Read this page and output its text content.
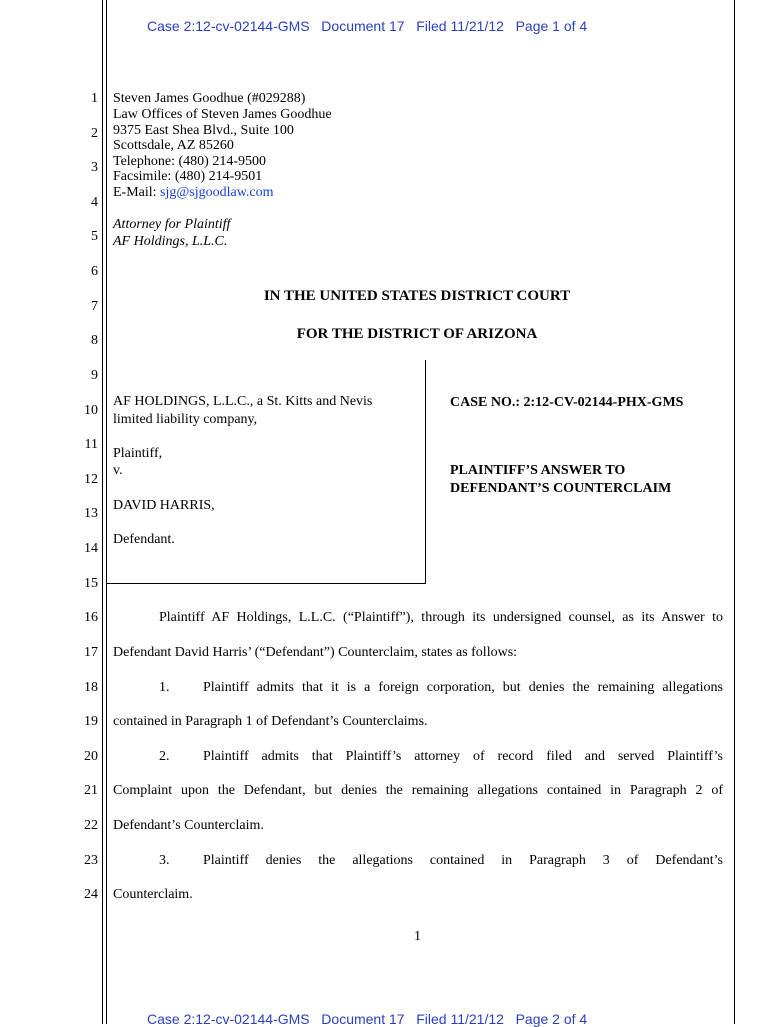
Case 2:12-cv-02144-GMS   Document 17   Filed 11/21/12   Page 1 of 4
Case 2:12-cv-02144-GMS   Document 17   Filed 11/21/12   Page 2 of 4
1
2
3
4
5
6
7
8
9
10
11
12
13
14
15
16
17
18
19
20
21
22
23
24
Steven James Goodhue (#029288)
Law Offices of Steven James Goodhue
9375 East Shea Blvd., Suite 100
Scottsdale, AZ 85260
Telephone: (480) 214-9500
Facsimile: (480) 214-9501
E-Mail: sjg@sjgoodlaw.com
Attorney for Plaintiff
AF Holdings, L.L.C.
IN THE UNITED STATES DISTRICT COURT
FOR THE DISTRICT OF ARIZONA
AF HOLDINGS, L.L.C., a St. Kitts and Nevis
limited liability company,
Plaintiff,
v.
DAVID HARRIS,
Defendant.
CASE NO.: 2:12-CV-02144-PHX-GMS
PLAINTIFF’S ANSWER TO
DEFENDANT’S COUNTERCLAIM
Plaintiff AF Holdings, L.L.C. (“Plaintiff”), through its undersigned counsel, as its Answer to
Defendant David Harris’ (“Defendant”) Counterclaim, states as follows:
1. Plaintiff admits that it is a foreign corporation, but denies the remaining allegations
contained in Paragraph 1 of Defendant’s Counterclaims.
2. Plaintiff admits that Plaintiff’s attorney of record filed and served Plaintiff’s
Complaint upon the Defendant, but denies the remaining allegations contained in Paragraph 2 of
Defendant’s Counterclaim.
3. Plaintiff denies the allegations contained in Paragraph 3 of Defendant’s
Counterclaim.
1
